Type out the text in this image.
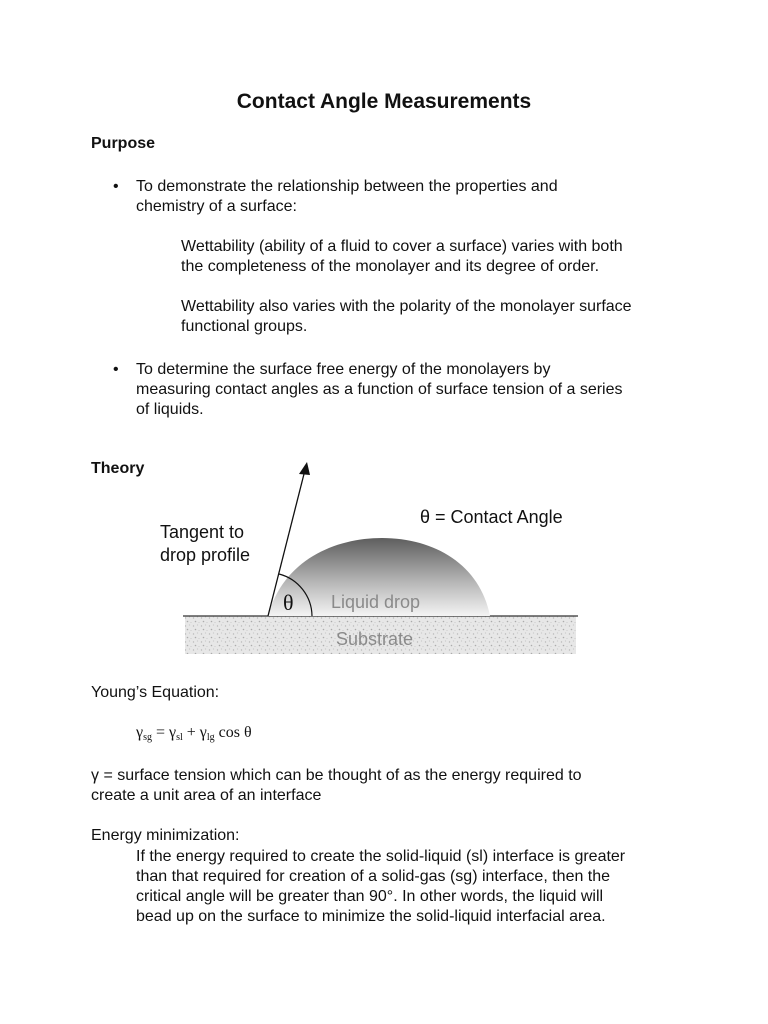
Contact Angle Measurements
Purpose
• To demonstrate the relationship between the properties and
chemistry of a surface:
Wettability (ability of a fluid to cover a surface) varies with both
the completeness of the monolayer and its degree of order.
Wettability also varies with the polarity of the monolayer surface
functional groups.
• To determine the surface free energy of the monolayers by
measuring contact angles as a function of surface tension of a series
of liquids.
Theory
θ Liquid drop
Substrate
θ = Contact Angle
Tangent to
drop profile
Young’s Equation:
$\gamma_{sg} = \gamma_{sl} + \gamma_{lg}$ cos θ
γ = surface tension which can be thought of as the energy required to
create a unit area of an interface
Energy minimization:
If the energy required to create the solid-liquid (sl) interface is greater
than that required for creation of a solid-gas (sg) interface, then the
critical angle will be greater than 90°. In other words, the liquid will
bead up on the surface to minimize the solid-liquid interfacial area.
